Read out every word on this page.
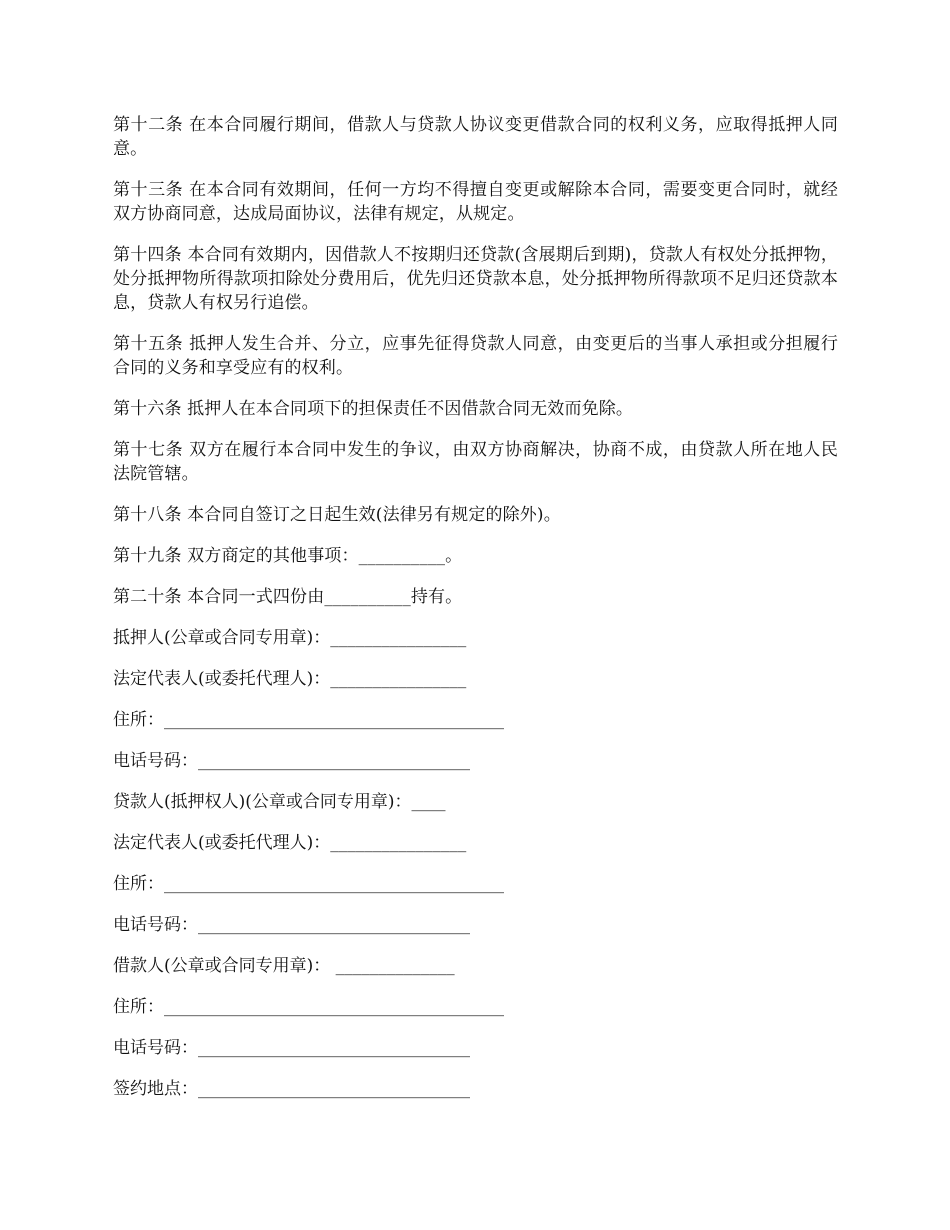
第十二条 在本合同履行期间，借款人与贷款人协议变更借款合同的权利义务，应取得抵押人同意。

第十三条 在本合同有效期间，任何一方均不得擅自变更或解除本合同，需要变更合同时，就经双方协商同意，达成局面协议，法律有规定，从规定。

第十四条 本合同有效期内，因借款人不按期归还贷款(含展期后到期)，贷款人有权处分抵押物，处分抵押物所得款项扣除处分费用后，优先归还贷款本息，处分抵押物所得款项不足归还贷款本息，贷款人有权另行追偿。

第十五条 抵押人发生合并、分立，应事先征得贷款人同意，由变更后的当事人承担或分担履行合同的义务和享受应有的权利。

第十六条 抵押人在本合同项下的担保责任不因借款合同无效而免除。

第十七条 双方在履行本合同中发生的争议，由双方协商解决，协商不成，由贷款人所在地人民法院管辖。

第十八条 本合同自签订之日起生效(法律另有规定的除外)。

第十九条 双方商定的其他事项：__________。

第二十条 本合同一式四份由__________持有。

抵押人(公章或合同专用章)：________________
法定代表人(或委托代理人)：________________
住所：________________________________________
电话号码：________________________________
贷款人(抵押权人)(公章或合同专用章)：____
法定代表人(或委托代理人)：________________
住所：________________________________________
电话号码：________________________________
借款人(公章或合同专用章)： ______________
住所：________________________________________
电话号码：________________________________
签约地点：________________________________
